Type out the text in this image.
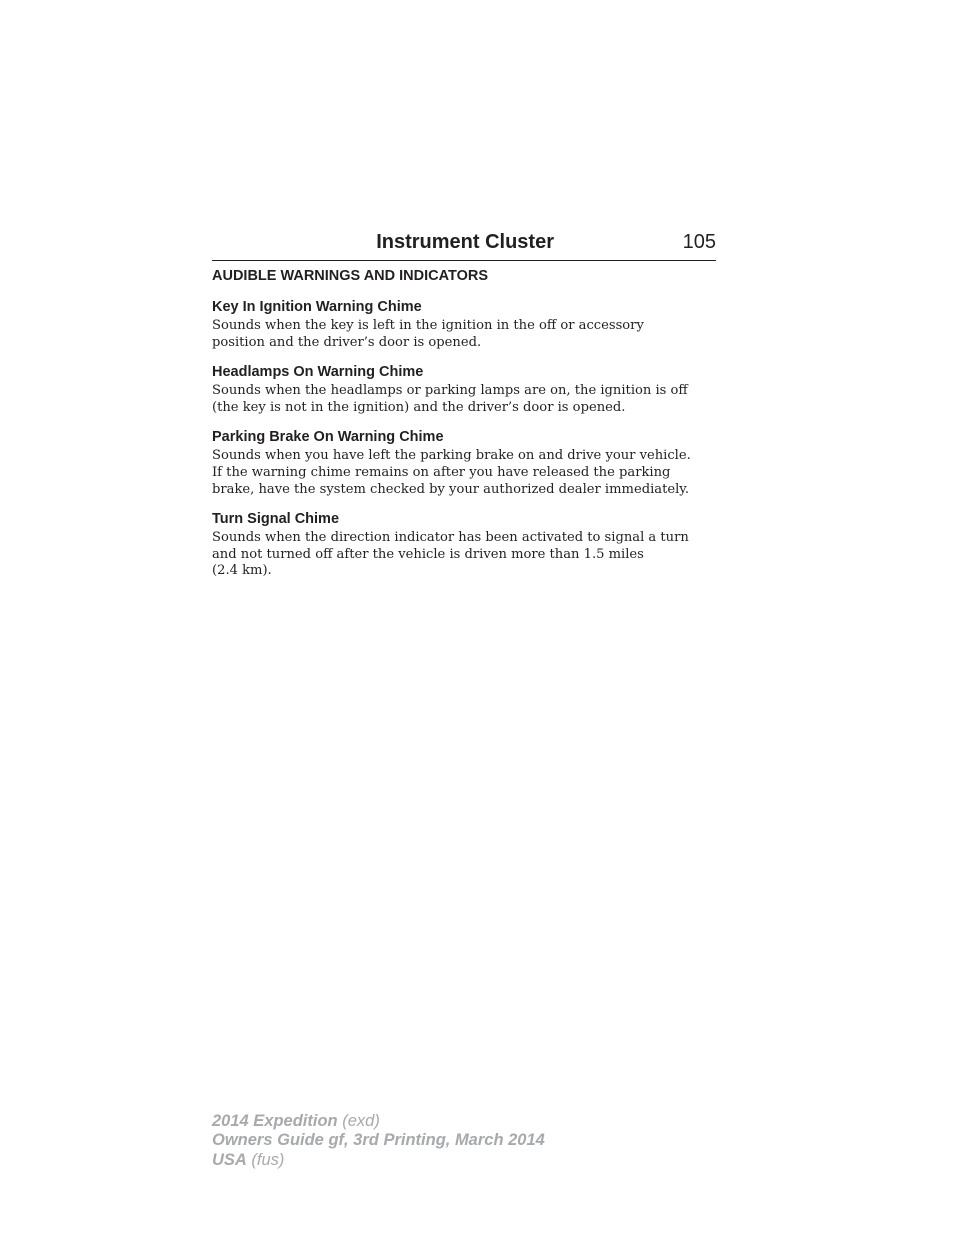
Instrument Cluster	105
AUDIBLE WARNINGS AND INDICATORS
Key In Ignition Warning Chime
Sounds when the key is left in the ignition in the off or accessory
position and the driver’s door is opened.
Headlamps On Warning Chime
Sounds when the headlamps or parking lamps are on, the ignition is off
(the key is not in the ignition) and the driver’s door is opened.
Parking Brake On Warning Chime
Sounds when you have left the parking brake on and drive your vehicle.
If the warning chime remains on after you have released the parking
brake, have the system checked by your authorized dealer immediately.
Turn Signal Chime
Sounds when the direction indicator has been activated to signal a turn
and not turned off after the vehicle is driven more than 1.5 miles
(2.4 km).
2014 Expedition (exd)
Owners Guide gf, 3rd Printing, March 2014
USA (fus)
